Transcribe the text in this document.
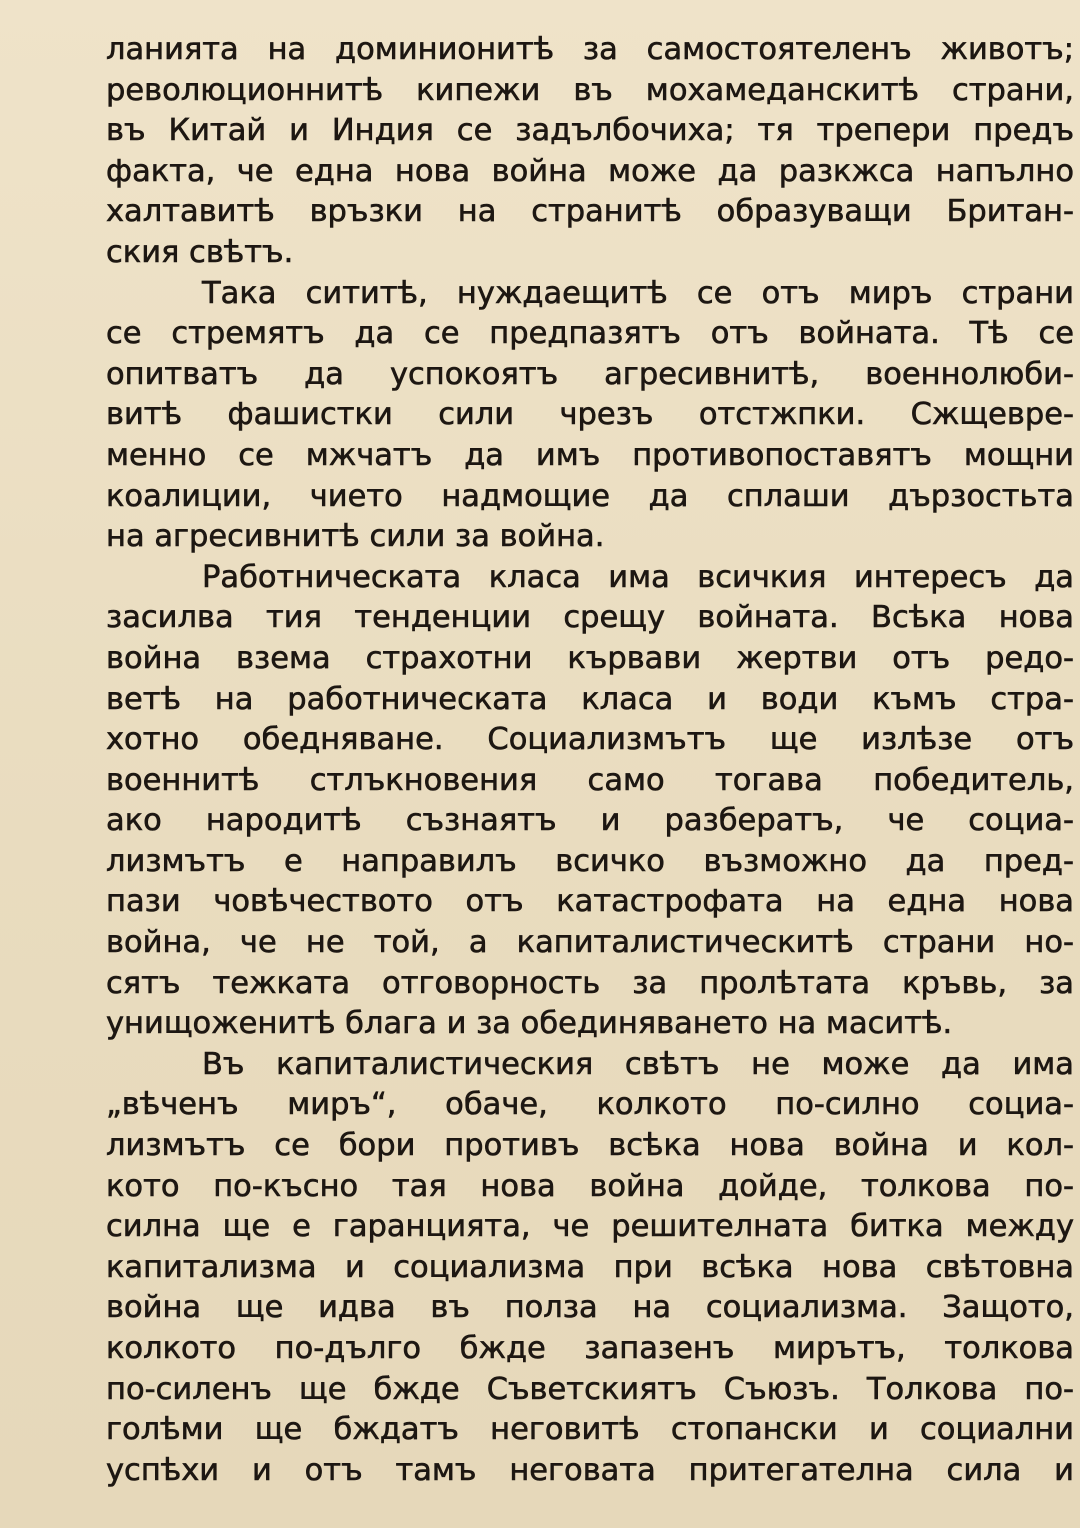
ланията на доминионитѣ за самостоятеленъ животъ;
революционнитѣ кипежи въ мохамеданскитѣ страни,
въ Китай и Индия се задълбочиха; тя трепери предъ
факта, че една нова война може да разкжса напълно
халтавитѣ връзки на странитѣ образуващи Британ-
ския свѣтъ.
Така сититѣ, нуждаещитѣ се отъ миръ страни
се стремятъ да се предпазятъ отъ войната. Тѣ се
опитватъ да успокоятъ агресивнитѣ, военнолюби-
витѣ фашистки сили чрезъ отстжпки. Сжщевре-
менно се мжчатъ да имъ противопоставятъ мощни
коалиции, чието надмощие да сплаши дързостьта
на агресивнитѣ сили за война.
Работническата класа има всичкия интересъ да
засилва тия тенденции срещу войната. Всѣка нова
война взема страхотни кървави жертви отъ редо-
ветѣ на работническата класа и води къмъ стра-
хотно обедняване. Социализмътъ ще излѣзе отъ
военнитѣ стлъкновения само тогава победитель,
ако народитѣ съзнаятъ и разбератъ, че социа-
лизмътъ е направилъ всичко възможно да пред-
пази човѣчеството отъ катастрофата на една нова
война, че не той, а капиталистическитѣ страни но-
сятъ тежката отговорность за пролѣтата кръвь, за
унищоженитѣ блага и за обединяването на маситѣ.
Въ капиталистическия свѣтъ не може да има
„вѣченъ миръ“, обаче, колкото по-силно социа-
лизмътъ се бори противъ всѣка нова война и кол-
кото по-късно тая нова война дойде, толкова по-
силна ще е гаранцията, че решителната битка между
капитализма и социализма при всѣка нова свѣтовна
война ще идва въ полза на социализма. Защото,
колкото по-дълго бжде запазенъ мирътъ, толкова
по-силенъ ще бжде Съветскиятъ Съюзъ. Толкова по-
голѣми ще бждатъ неговитѣ стопански и социални
успѣхи и отъ тамъ неговата притегателна сила и
